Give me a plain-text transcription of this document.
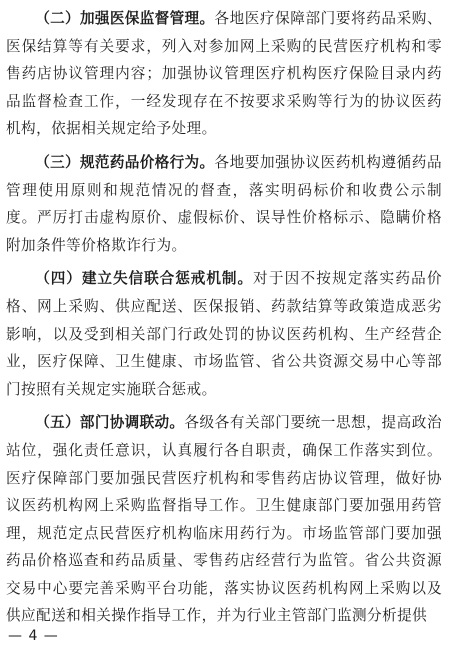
（二）加强医保监督管理。各地医疗保障部门要将药品采购、医保结算等有关要求，列入对参加网上采购的民营医疗机构和零售药店协议管理内容；加强协议管理医疗机构医疗保险目录内药品监督检查工作，一经发现存在不按要求采购等行为的协议医药机构，依据相关规定给予处理。

（三）规范药品价格行为。各地要加强协议医药机构遵循药品管理使用原则和规范情况的督查，落实明码标价和收费公示制度。严厉打击虚构原价、虚假标价、误导性价格标示、隐瞒价格附加条件等价格欺诈行为。

（四）建立失信联合惩戒机制。对于因不按规定落实药品价格、网上采购、供应配送、医保报销、药款结算等政策造成恶劣影响，以及受到相关部门行政处罚的协议医药机构、生产经营企业，医疗保障、卫生健康、市场监管、省公共资源交易中心等部门按照有关规定实施联合惩戒。

（五）部门协调联动。各级各有关部门要统一思想，提高政治站位，强化责任意识，认真履行各自职责，确保工作落实到位。医疗保障部门要加强民营医疗机构和零售药店协议管理，做好协议医药机构网上采购监督指导工作。卫生健康部门要加强用药管理，规范定点民营医疗机构临床用药行为。市场监管部门要加强药品价格巡查和药品质量、零售药店经营行为监管。省公共资源交易中心要完善采购平台功能，落实协议医药机构网上采购以及供应配送和相关操作指导工作，并为行业主管部门监测分析提供

— 4 —
